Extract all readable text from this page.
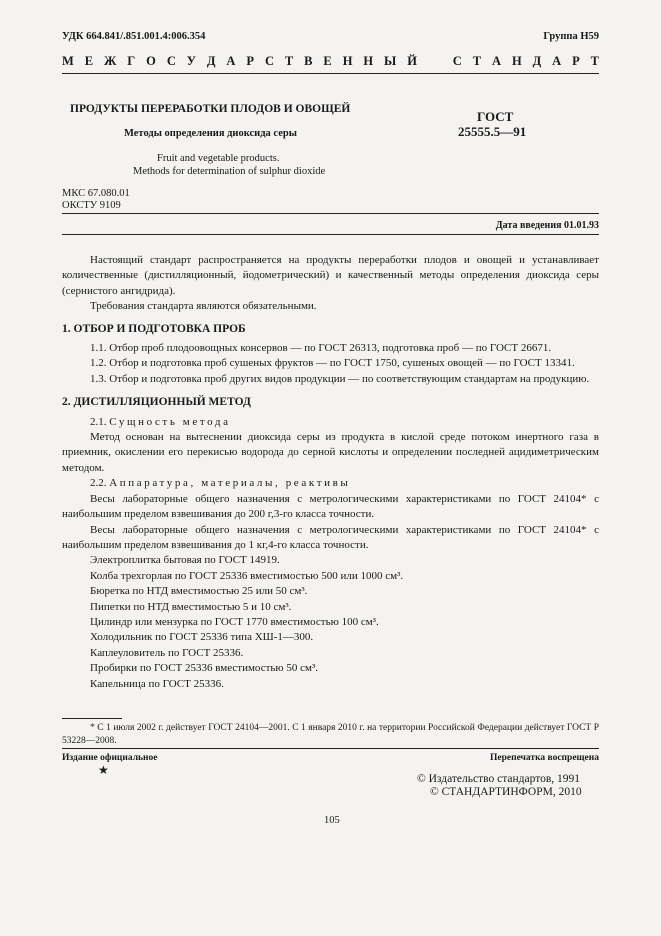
УДК 664.841/.851.001.4:006.354	Группа Н59
М Е Ж Г О С У Д А Р С Т В Е Н Н Ы Й	С Т А Н Д А Р Т
ПРОДУКТЫ ПЕРЕРАБОТКИ ПЛОДОВ И ОВОЩЕЙ
Методы определения диоксида серы
ГОСТ
25555.5—91
Fruit and vegetable products.
Methods for determination of sulphur dioxide
МКС 67.080.01
ОКСТУ 9109
Дата введения 01.01.93

Настоящий стандарт распространяется на продукты переработки плодов и овощей и устанавливает количественные (дистилляционный, йодометрический) и качественный методы определения диоксида серы (сернистого ангидрида).

Требования стандарта являются обязательными.

1. ОТБОР И ПОДГОТОВКА ПРОБ

1.1. Отбор проб плодоовощных консервов — по ГОСТ 26313, подготовка проб — по ГОСТ 26671.

1.2. Отбор и подготовка проб сушеных фруктов — по ГОСТ 1750, сушеных овощей — по ГОСТ 13341.

1.3. Отбор и подготовка проб других видов продукции — по соответствующим стандартам на продукцию.

2. ДИСТИЛЛЯЦИОННЫЙ МЕТОД

2.1. Сущность метода

Метод основан на вытеснении диоксида серы из продукта в кислой среде потоком инертного газа в приемник, окислении его перекисью водорода до серной кислоты и определении последней ацидиметрическим методом.

2.2. Аппаратура, материалы, реактивы

Весы лабораторные общего назначения с метрологическими характеристиками по ГОСТ 24104* с наибольшим пределом взвешивания до 200 г,3-го класса точности.

Весы лабораторные общего назначения с метрологическими характеристиками по ГОСТ 24104* с наибольшим пределом взвешивания до 1 кг,4-го класса точности.

Электроплитка бытовая по ГОСТ 14919.

Колба трехгорлая по ГОСТ 25336 вместимостью 500 или 1000 см³.

Бюретка по НТД вместимостью 25 или 50 см³.

Пипетки по НТД вместимостью 5 и 10 см³.

Цилиндр или мензурка по ГОСТ 1770 вместимостью 100 см³.

Холодильник по ГОСТ 25336 типа ХШ-1—300.

Каплеуловитель по ГОСТ 25336.

Пробирки по ГОСТ 25336 вместимостью 50 см³.

Капельница по ГОСТ 25336.

* С 1 июля 2002 г. действует ГОСТ 24104—2001. С 1 января 2010 г. на территории Российской Федерации действует ГОСТ Р 53228—2008.

Издание официальное	Перепечатка воспрещена
★
© Издательство стандартов, 1991
© СТАНДАРТИНФОРМ, 2010
105
